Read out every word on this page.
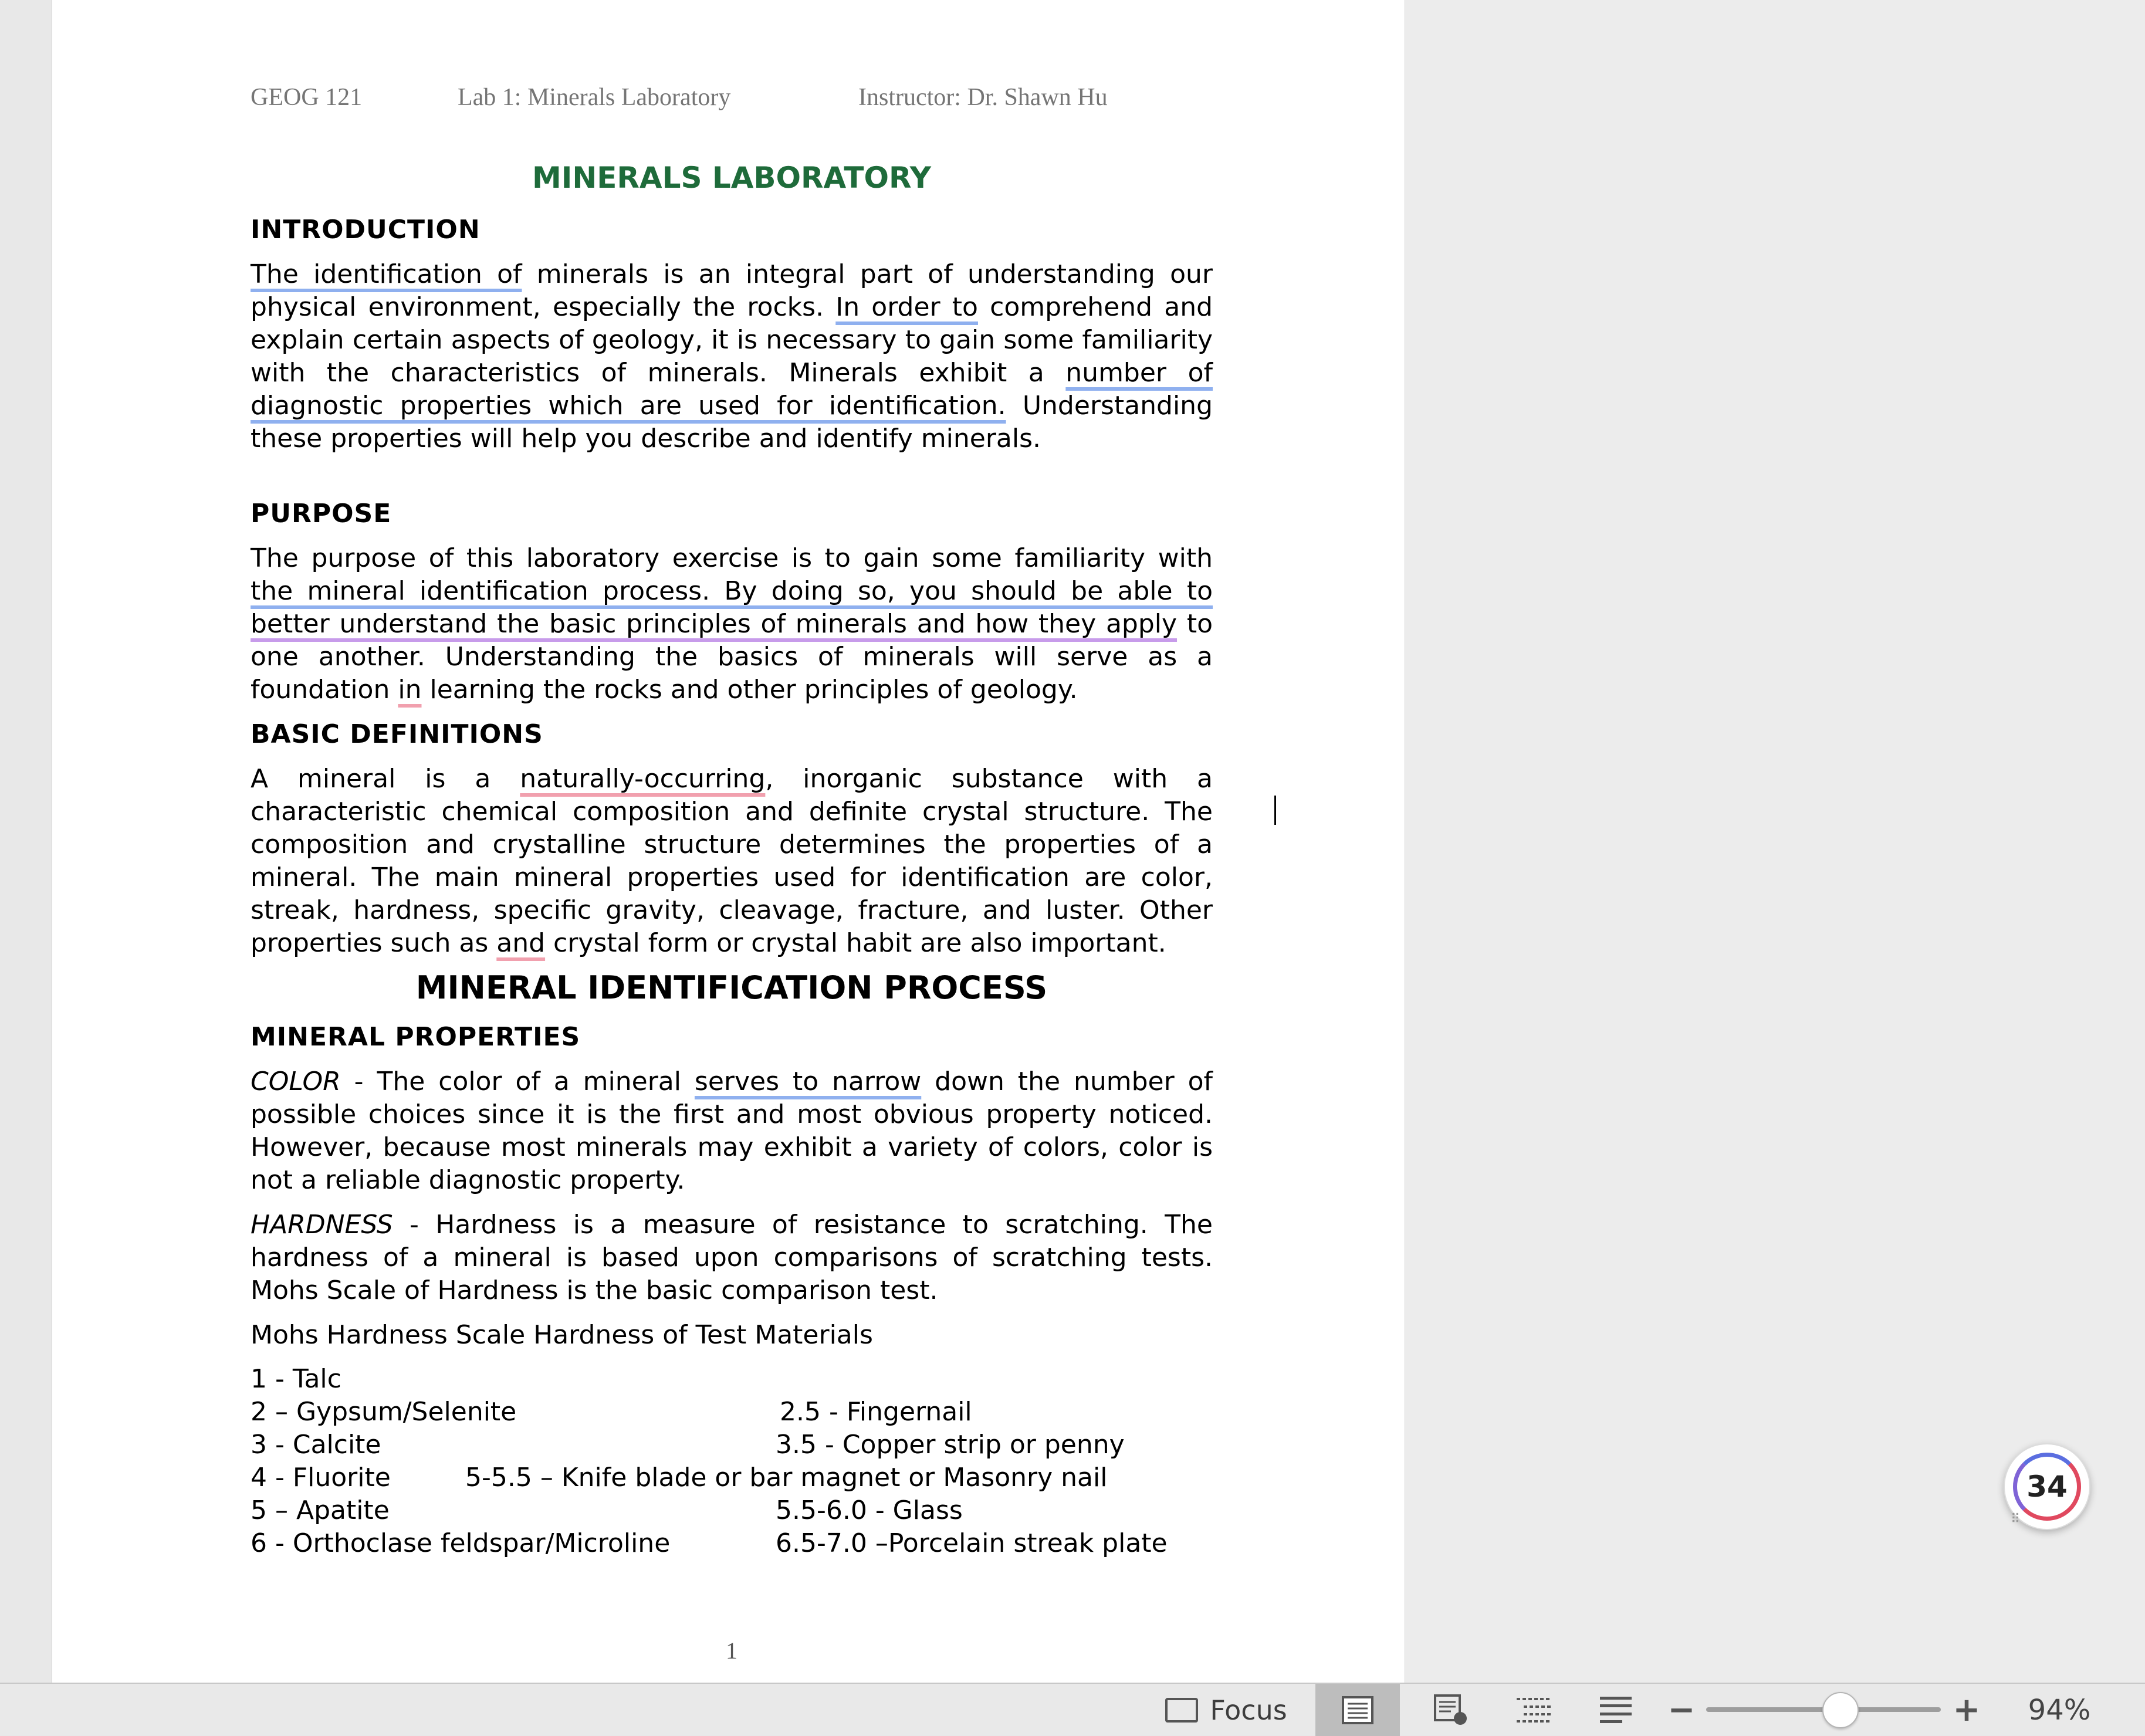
GEOG 121	Lab 1: Minerals Laboratory	Instructor: Dr. Shawn Hu
MINERALS LABORATORY
INTRODUCTION
The identification of minerals is an integral part of understanding our physical environment, especially the rocks. In order to comprehend and explain certain aspects of geology, it is necessary to gain some familiarity with the characteristics of minerals. Minerals exhibit a number of diagnostic properties which are used for identification. Understanding these properties will help you describe and identify minerals.
PURPOSE
The purpose of this laboratory exercise is to gain some familiarity with the mineral identification process. By doing so, you should be able to better understand the basic principles of minerals and how they apply to one another. Understanding the basics of minerals will serve as a foundation in learning the rocks and other principles of geology.
BASIC DEFINITIONS
A mineral is a naturally-occurring, inorganic substance with a characteristic chemical composition and definite crystal structure. The composition and crystalline structure determines the properties of a mineral. The main mineral properties used for identification are color, streak, hardness, specific gravity, cleavage, fracture, and luster. Other properties such as and crystal form or crystal habit are also important.
MINERAL IDENTIFICATION PROCESS
MINERAL PROPERTIES
COLOR - The color of a mineral serves to narrow down the number of possible choices since it is the first and most obvious property noticed. However, because most minerals may exhibit a variety of colors, color is not a reliable diagnostic property.
HARDNESS - Hardness is a measure of resistance to scratching. The hardness of a mineral is based upon comparisons of scratching tests. Mohs Scale of Hardness is the basic comparison test.
Mohs Hardness Scale Hardness of Test Materials
1 - Talc
2 – Gypsum/Selenite	2.5 - Fingernail
3 - Calcite	3.5 - Copper strip or penny
4 - Fluorite	5-5.5 – Knife blade or bar magnet or Masonry nail
5 – Apatite	5.5-6.0 - Glass
6 - Orthoclase feldspar/Microline	6.5-7.0 –Porcelain streak plate
1
34
⠿
Focus	−	+	94%
